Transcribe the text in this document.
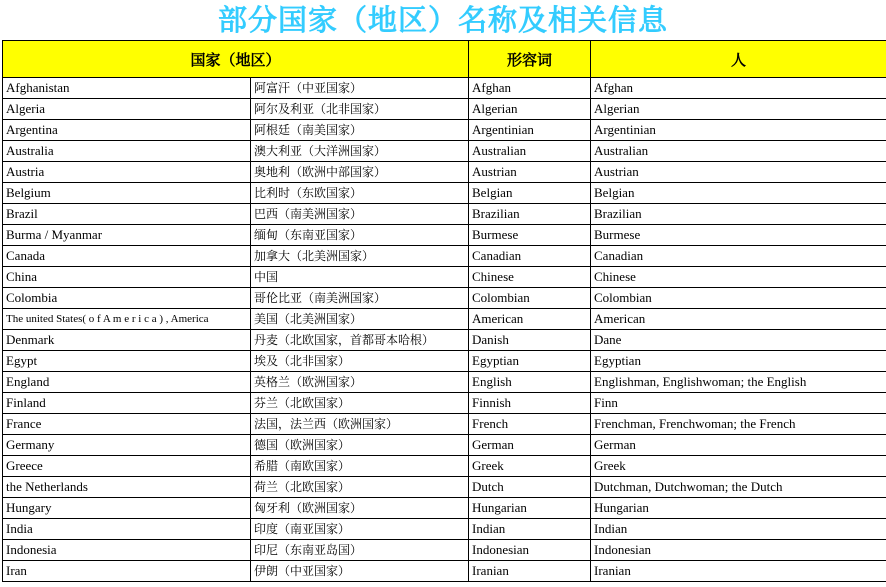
部分国家（地区）名称及相关信息
国家（地区）		形容词	人
Afghanistan	阿富汗（中亚国家）	Afghan	Afghan
Algeria	阿尔及利亚（北非国家）	Algerian	Algerian
Argentina	阿根廷（南美国家）	Argentinian	Argentinian
Australia	澳大利亚（大洋洲国家）	Australian	Australian
Austria	奥地利（欧洲中部国家）	Austrian	Austrian
Belgium	比利时（东欧国家）	Belgian	Belgian
Brazil	巴西（南美洲国家）	Brazilian	Brazilian
Burma / Myanmar	缅甸（东南亚国家）	Burmese	Burmese
Canada	加拿大（北美洲国家）	Canadian	Canadian
China	中国	Chinese	Chinese
Colombia	哥伦比亚（南美洲国家）	Colombian	Colombian
The united States( o f A m e r i c a ) , America	美国（北美洲国家）	American	American
Denmark	丹麦（北欧国家，首都哥本哈根）	Danish	Dane
Egypt	埃及（北非国家）	Egyptian	Egyptian
England	英格兰（欧洲国家）	English	Englishman, Englishwoman; the English
Finland	芬兰（北欧国家）	Finnish	Finn
France	法国，法兰西（欧洲国家）	French	Frenchman, Frenchwoman; the French
Germany	德国（欧洲国家）	German	German
Greece	希腊（南欧国家）	Greek	Greek
the Netherlands	荷兰（北欧国家）	Dutch	Dutchman, Dutchwoman; the Dutch
Hungary	匈牙利（欧洲国家）	Hungarian	Hungarian
India	印度（南亚国家）	Indian	Indian
Indonesia	印尼（东南亚岛国）	Indonesian	Indonesian
Iran	伊朗（中亚国家）	Iranian	Iranian
